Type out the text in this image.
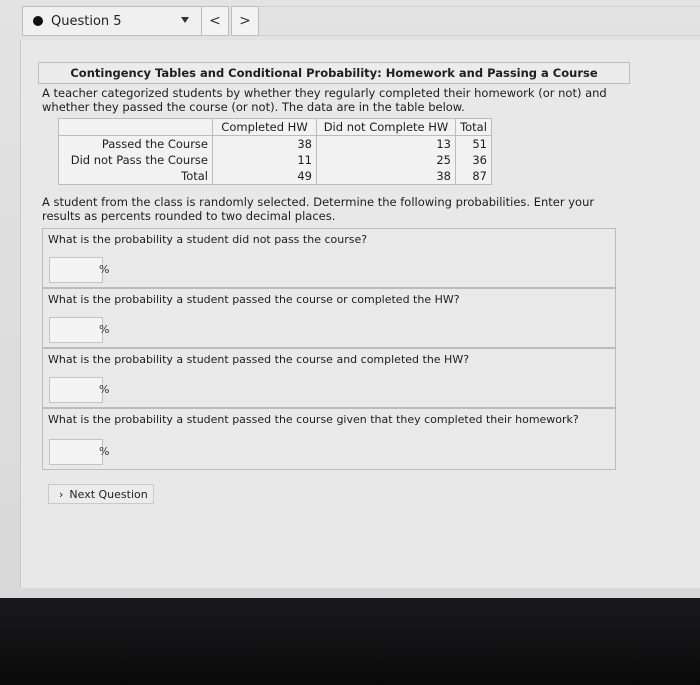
Question 5	<	>
Contingency Tables and Conditional Probability: Homework and Passing a Course
A teacher categorized students by whether they regularly completed their homework (or not) and whether they passed the course (or not). The data are in the table below.
	Completed HW	Did not Complete HW	Total
Passed the Course	38	13	51
Did not Pass the Course	11	25	36
Total	49	38	87
A student from the class is randomly selected. Determine the following probabilities. Enter your results as percents rounded to two decimal places.
What is the probability a student did not pass the course?
%
What is the probability a student passed the course or completed the HW?
%
What is the probability a student passed the course and completed the HW?
%
What is the probability a student passed the course given that they completed their homework?
%
› Next Question
